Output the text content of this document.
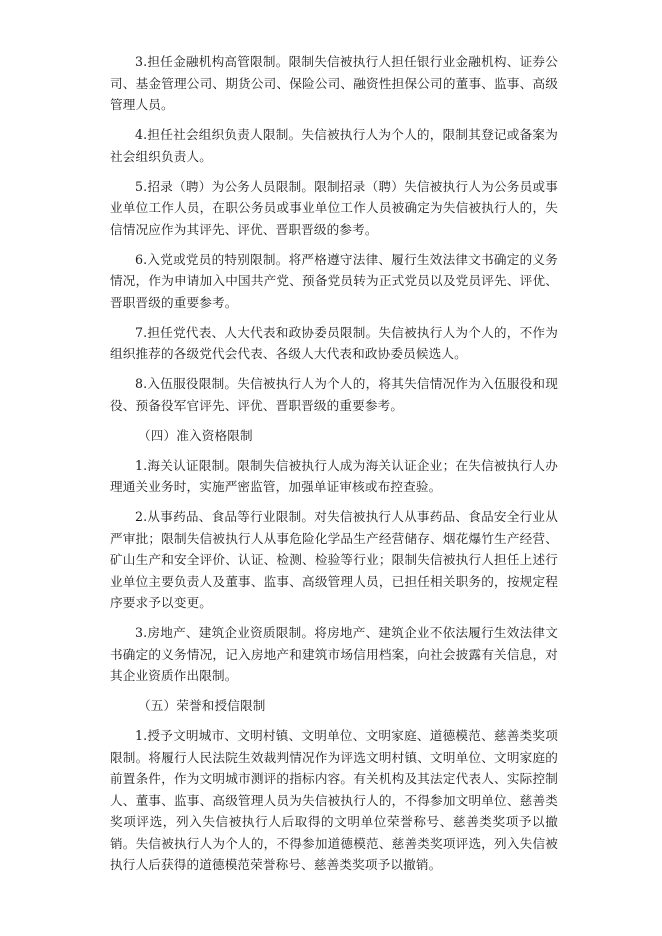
3.担任金融机构高管限制。限制失信被执行人担任银行业金融机构、证券公司、基金管理公司、期货公司、保险公司、融资性担保公司的董事、监事、高级管理人员。

4.担任社会组织负责人限制。失信被执行人为个人的，限制其登记或备案为社会组织负责人。

5.招录（聘）为公务人员限制。限制招录（聘）失信被执行人为公务员或事业单位工作人员，在职公务员或事业单位工作人员被确定为失信被执行人的，失信情况应作为其评先、评优、晋职晋级的参考。

6.入党或党员的特别限制。将严格遵守法律、履行生效法律文书确定的义务情况，作为申请加入中国共产党、预备党员转为正式党员以及党员评先、评优、晋职晋级的重要参考。

7.担任党代表、人大代表和政协委员限制。失信被执行人为个人的，不作为组织推荐的各级党代会代表、各级人大代表和政协委员候选人。

8.入伍服役限制。失信被执行人为个人的，将其失信情况作为入伍服役和现役、预备役军官评先、评优、晋职晋级的重要参考。

（四）准入资格限制

1.海关认证限制。限制失信被执行人成为海关认证企业；在失信被执行人办理通关业务时，实施严密监管，加强单证审核或布控查验。

2.从事药品、食品等行业限制。对失信被执行人从事药品、食品安全行业从严审批；限制失信被执行人从事危险化学品生产经营储存、烟花爆竹生产经营、矿山生产和安全评价、认证、检测、检验等行业；限制失信被执行人担任上述行业单位主要负责人及董事、监事、高级管理人员，已担任相关职务的，按规定程序要求予以变更。

3.房地产、建筑企业资质限制。将房地产、建筑企业不依法履行生效法律文书确定的义务情况，记入房地产和建筑市场信用档案，向社会披露有关信息，对其企业资质作出限制。

（五）荣誉和授信限制

1.授予文明城市、文明村镇、文明单位、文明家庭、道德模范、慈善类奖项限制。将履行人民法院生效裁判情况作为评选文明村镇、文明单位、文明家庭的前置条件，作为文明城市测评的指标内容。有关机构及其法定代表人、实际控制人、董事、监事、高级管理人员为失信被执行人的，不得参加文明单位、慈善类奖项评选，列入失信被执行人后取得的文明单位荣誉称号、慈善类奖项予以撤销。失信被执行人为个人的，不得参加道德模范、慈善类奖项评选，列入失信被执行人后获得的道德模范荣誉称号、慈善类奖项予以撤销。
